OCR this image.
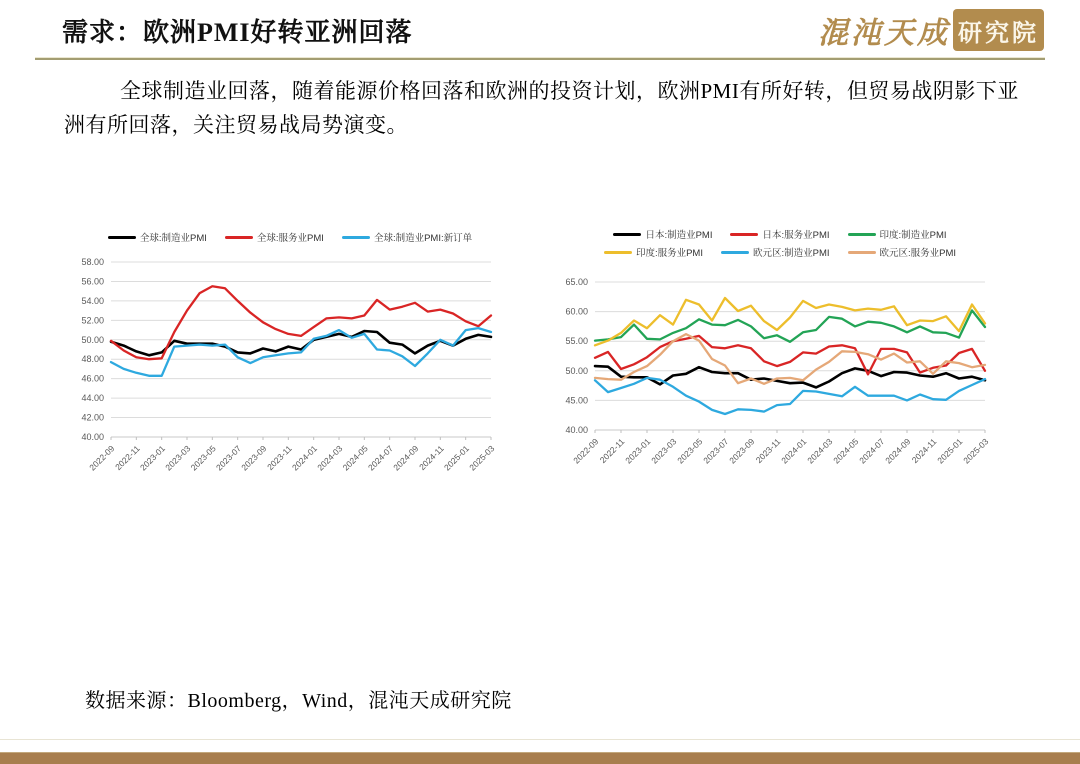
需求：欧洲PMI好转亚洲回落	混沌天成 研究院

全球制造业回落，随着能源价格回落和欧洲的投资计划，欧洲PMI有所好转，但贸易战阴影下亚洲有所回落，关注贸易战局势演变。

全球:制造业PMI	全球:服务业PMI	全球:制造业PMI:新订单
58.00
56.00
54.00
52.00
50.00
48.00
46.00
44.00
42.00
40.00
2022-09
2022-11
2023-01
2023-03
2023-05
2023-07
2023-09
2023-11
2024-01
2024-03
2024-05
2024-07
2024-09
2024-11
2025-01
2025-03
日本:制造业PMI	日本:服务业PMI	印度:制造业PMI
印度:服务业PMI	欧元区:制造业PMI	欧元区:服务业PMI
65.00
60.00
55.00
50.00
45.00
40.00
2022-09
2022-11
2023-01
2023-03
2023-05
2023-07
2023-09
2023-11
2024-01
2024-03
2024-05
2024-07
2024-09
2024-11
2025-01
2025-03

数据来源：Bloomberg，Wind，混沌天成研究院
